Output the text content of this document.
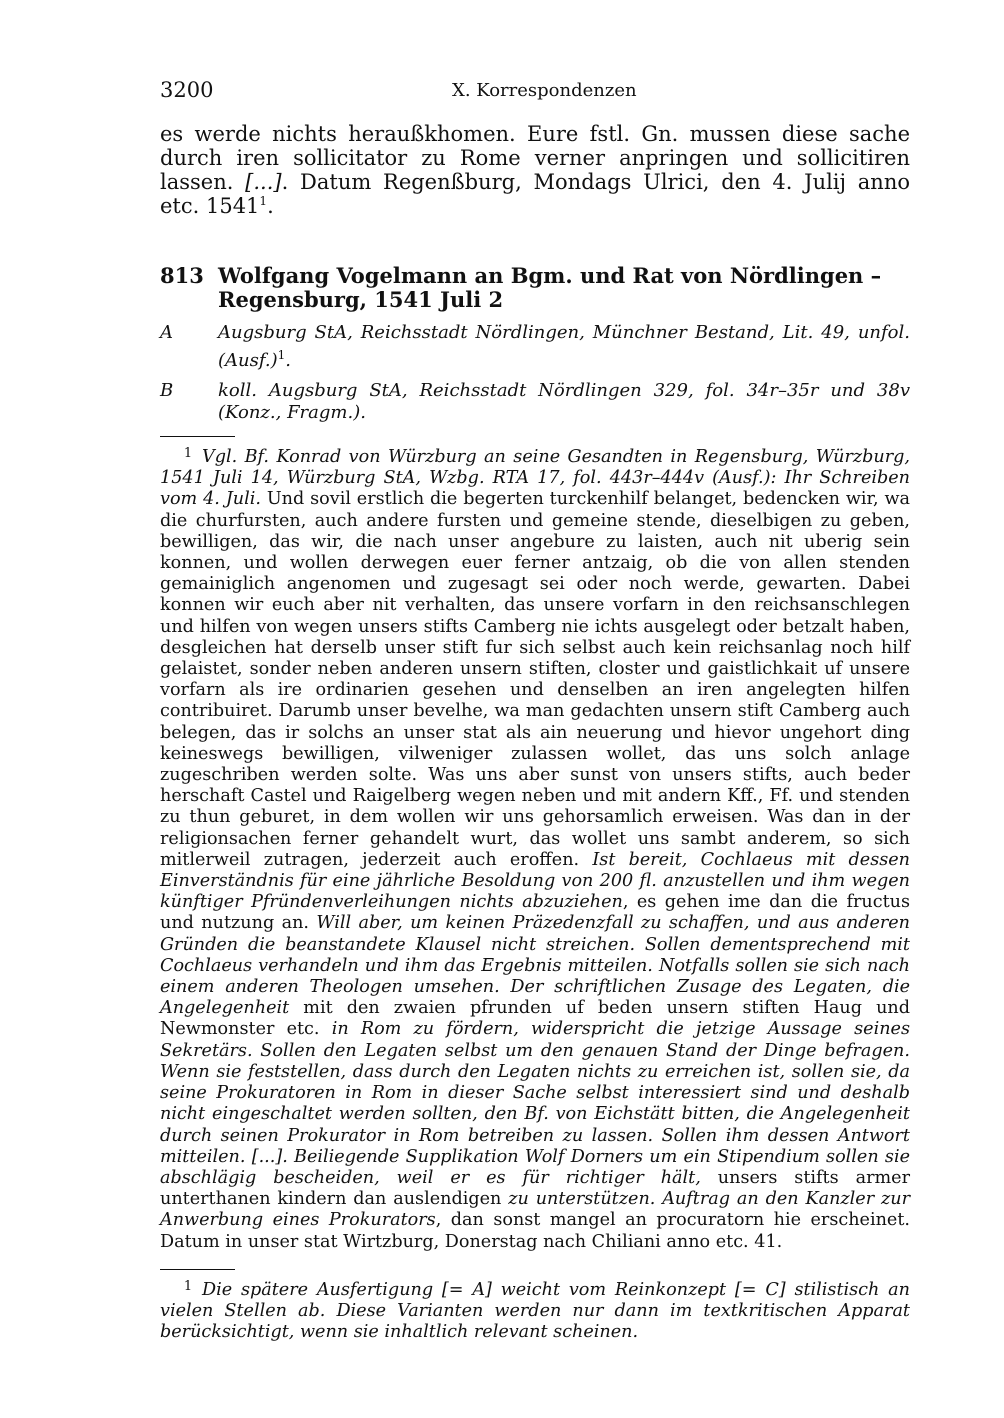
3200	X. Korrespondenzen

es werde nichts heraußkhomen. Eure fstl. Gn. mussen diese sache durch iren sollicitator zu Rome verner anpringen und sollicitiren lassen. [...]. Datum Regenßburg, Mondags Ulrici, den 4. Julij anno etc. 1541$^1$.

813 Wolfgang Vogelmann an Bgm. und Rat von Nördlingen – Regensburg, 1541 Juli 2
A	Augsburg StA, Reichsstadt Nördlingen, Münchner Bestand, Lit. 49, unfol. (Ausf.)$^1$.
B	koll. Augsburg StA, Reichsstadt Nördlingen 329, fol. 34r–35r und 38v (Konz., Fragm.).
1 Vgl. Bf. Konrad von Würzburg an seine Gesandten in Regensburg, Würzburg, 1541 Juli 14, Würzburg StA, Wzbg. RTA 17, fol. 443r–444v (Ausf.): Ihr Schreiben vom 4. Juli. Und sovil erstlich die begerten turckenhilf belanget, bedencken wir, wa die churfursten, auch andere fursten und gemeine stende, dieselbigen zu geben, bewilligen, das wir, die nach unser angebure zu laisten, auch nit uberig sein konnen, und wollen derwegen euer ferner antzaig, ob die von allen stenden gemainiglich angenomen und zugesagt sei oder noch werde, gewarten. Dabei konnen wir euch aber nit verhalten, das unsere vorfarn in den reichsanschlegen und hilfen von wegen unsers stifts Camberg nie ichts ausgelegt oder betzalt haben, desgleichen hat derselb unser stift fur sich selbst auch kein reichsanlag noch hilf gelaistet, sonder neben anderen unsern stiften, closter und gaistlichkait uf unsere vorfarn als ire ordinarien gesehen und denselben an iren angelegten hilfen contribuiret. Darumb unser bevelhe, wa man gedachten unsern stift Camberg auch belegen, das ir solchs an unser stat als ain neuerung und hievor ungehort ding keineswegs bewilligen, vilweniger zulassen wollet, das uns solch anlage zugeschriben werden solte. Was uns aber sunst von unsers stifts, auch beder herschaft Castel und Raigelberg wegen neben und mit andern Kff., Ff. und stenden zu thun geburet, in dem wollen wir uns gehorsamlich erweisen. Was dan in der religionsachen ferner gehandelt wurt, das wollet uns sambt anderem, so sich mitlerweil zutragen, jederzeit auch eroffen. Ist bereit, Cochlaeus mit dessen Einverständnis für eine jährliche Besoldung von 200 fl. anzustellen und ihm wegen künftiger Pfründenverleihungen nichts abzuziehen, es gehen ime dan die fructus und nutzung an. Will aber, um keinen Präzedenzfall zu schaffen, und aus anderen Gründen die beanstandete Klausel nicht streichen. Sollen dementsprechend mit Cochlaeus verhandeln und ihm das Ergebnis mitteilen. Notfalls sollen sie sich nach einem anderen Theologen umsehen. Der schriftlichen Zusage des Legaten, die Angelegenheit mit den zwaien pfrunden uf beden unsern stiften Haug und Newmonster etc. in Rom zu fördern, widerspricht die jetzige Aussage seines Sekretärs. Sollen den Legaten selbst um den genauen Stand der Dinge befragen. Wenn sie feststellen, dass durch den Legaten nichts zu erreichen ist, sollen sie, da seine Prokuratoren in Rom in dieser Sache selbst interessiert sind und deshalb nicht eingeschaltet werden sollten, den Bf. von Eichstätt bitten, die Angelegenheit durch seinen Prokurator in Rom betreiben zu lassen. Sollen ihm dessen Antwort mitteilen. [...]. Beiliegende Supplikation Wolf Dorners um ein Stipendium sollen sie abschlägig bescheiden, weil er es für richtiger hält, unsers stifts armer unterthanen kindern dan auslendigen zu unterstützen. Auftrag an den Kanzler zur Anwerbung eines Prokurators, dan sonst mangel an procuratorn hie erscheinet. Datum in unser stat Wirtzburg, Donerstag nach Chiliani anno etc. 41.
1 Die spätere Ausfertigung [= A] weicht vom Reinkonzept [= C] stilistisch an vielen Stellen ab. Diese Varianten werden nur dann im textkritischen Apparat berücksichtigt, wenn sie inhaltlich relevant scheinen.
